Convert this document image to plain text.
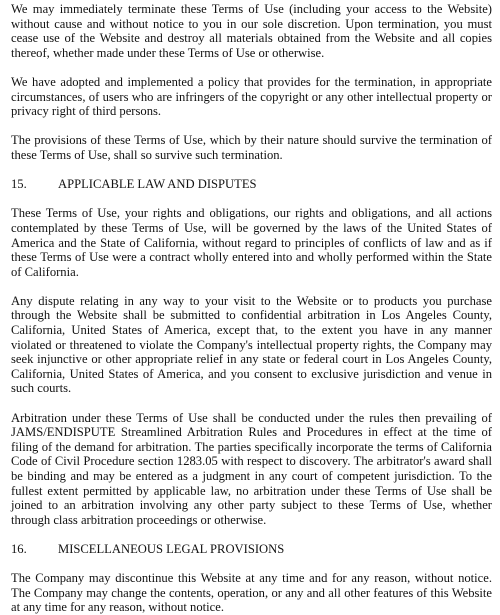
We may immediately terminate these Terms of Use (including your access to the Website) without cause and without notice to you in our sole discretion. Upon termination, you must cease use of the Website and destroy all materials obtained from the Website and all copies thereof, whether made under these Terms of Use or otherwise.

We have adopted and implemented a policy that provides for the termination, in appropriate circumstances, of users who are infringers of the copyright or any other intellectual property or privacy right of third persons.

The provisions of these Terms of Use, which by their nature should survive the termination of these Terms of Use, shall so survive such termination.

15.	APPLICABLE LAW AND DISPUTES

These Terms of Use, your rights and obligations, our rights and obligations, and all actions contemplated by these Terms of Use, will be governed by the laws of the United States of America and the State of California, without regard to principles of conflicts of law and as if these Terms of Use were a contract wholly entered into and wholly performed within the State of California.

Any dispute relating in any way to your visit to the Website or to products you purchase through the Website shall be submitted to confidential arbitration in Los Angeles County, California, United States of America, except that, to the extent you have in any manner violated or threatened to violate the Company's intellectual property rights, the Company may seek injunctive or other appropriate relief in any state or federal court in Los Angeles County, California, United States of America, and you consent to exclusive jurisdiction and venue in such courts.

Arbitration under these Terms of Use shall be conducted under the rules then prevailing of JAMS/ENDISPUTE Streamlined Arbitration Rules and Procedures in effect at the time of filing of the demand for arbitration. The parties specifically incorporate the terms of California Code of Civil Procedure section 1283.05 with respect to discovery. The arbitrator's award shall be binding and may be entered as a judgment in any court of competent jurisdiction. To the fullest extent permitted by applicable law, no arbitration under these Terms of Use shall be joined to an arbitration involving any other party subject to these Terms of Use, whether through class arbitration proceedings or otherwise.

16.	MISCELLANEOUS LEGAL PROVISIONS

The Company may discontinue this Website at any time and for any reason, without notice. The Company may change the contents, operation, or any and all other features of this Website at any time for any reason, without notice.
